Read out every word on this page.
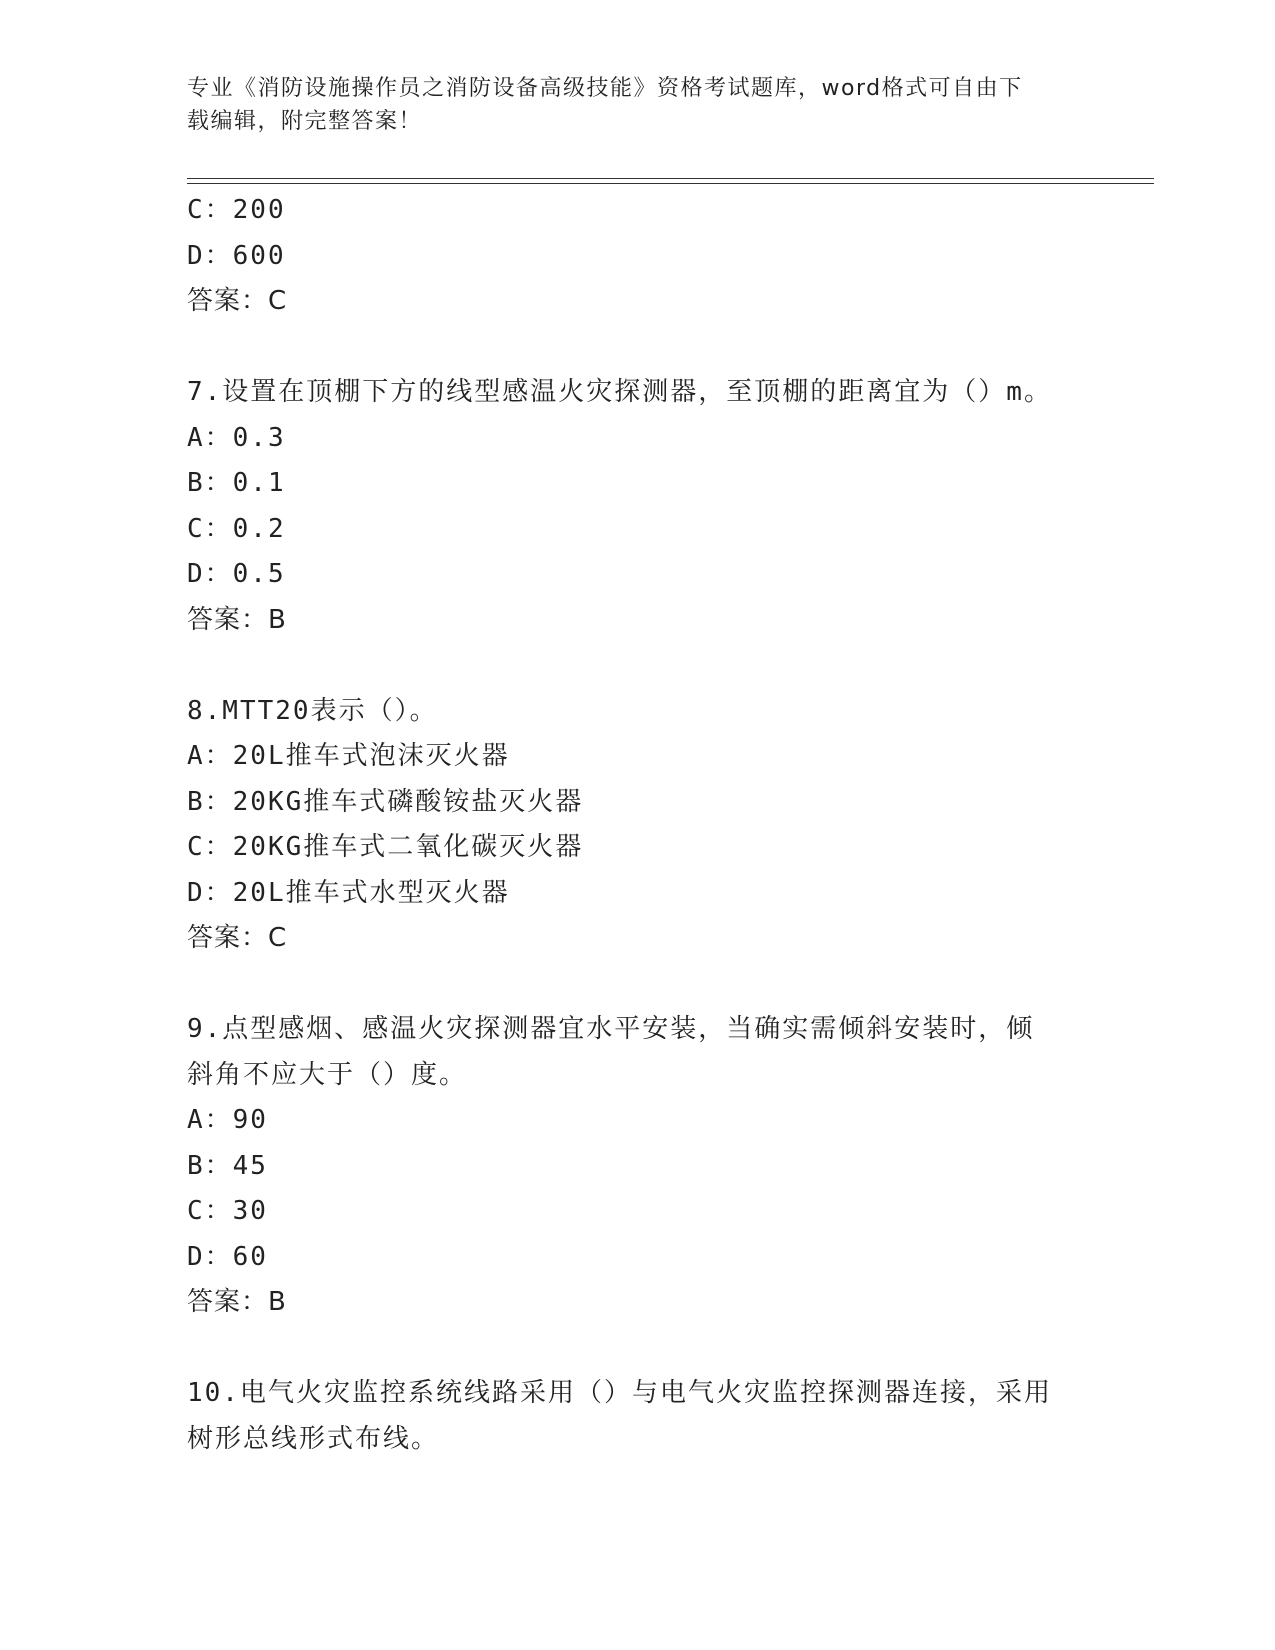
专业《消防设施操作员之消防设备高级技能》资格考试题库，word格式可自由下
载编辑，附完整答案！
C：200
D：600
答案：C
7.设置在顶棚下方的线型感温火灾探测器，至顶棚的距离宜为（）m。
A：0.3
B：0.1
C：0.2
D：0.5
答案：B
8.MTT20表示（）。
A：20L推车式泡沫灭火器
B：20KG推车式磷酸铵盐灭火器
C：20KG推车式二氧化碳灭火器
D：20L推车式水型灭火器
答案：C
9.点型感烟、感温火灾探测器宜水平安装，当确实需倾斜安装时，倾
斜角不应大于（）度。
A：90
B：45
C：30
D：60
答案：B
10.电气火灾监控系统线路采用（）与电气火灾监控探测器连接，采用
树形总线形式布线。
